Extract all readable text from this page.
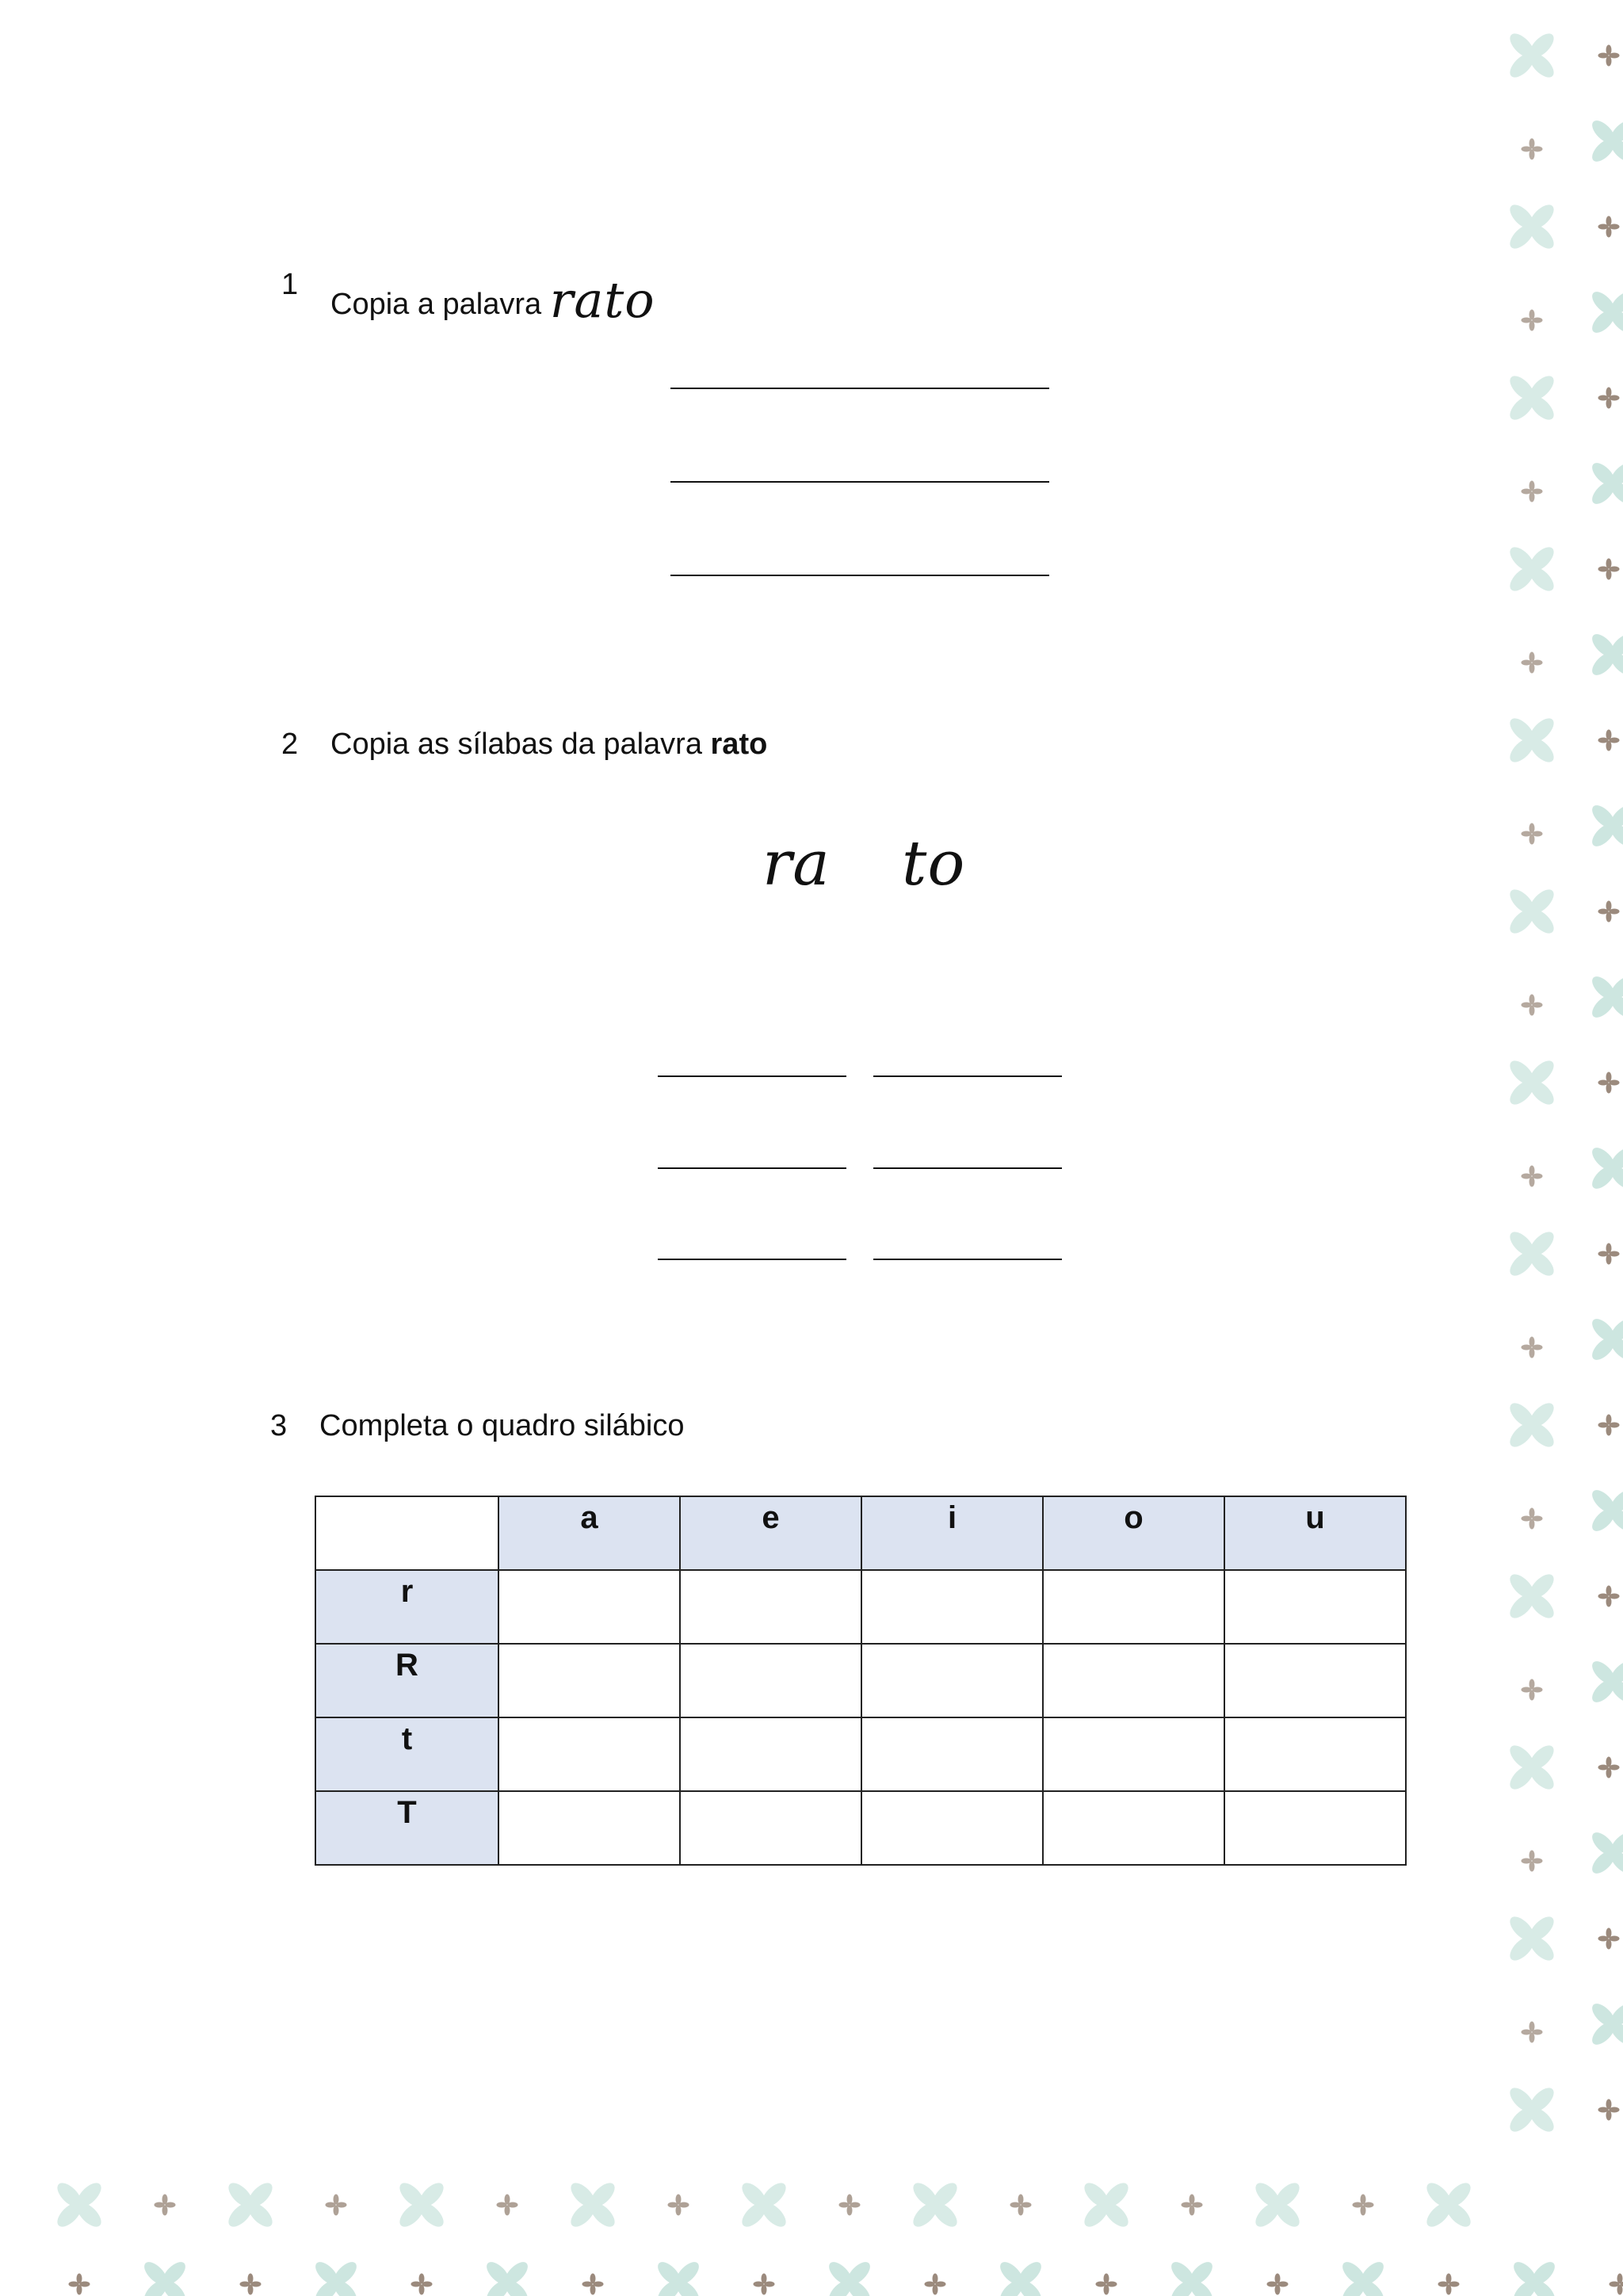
1
Copia a palavra rato
2 Copia as sílabas da palavra rato
ra to
3 Completa o quadro silábico
	a	e	i	o	u
r					
R					
t					
T					
